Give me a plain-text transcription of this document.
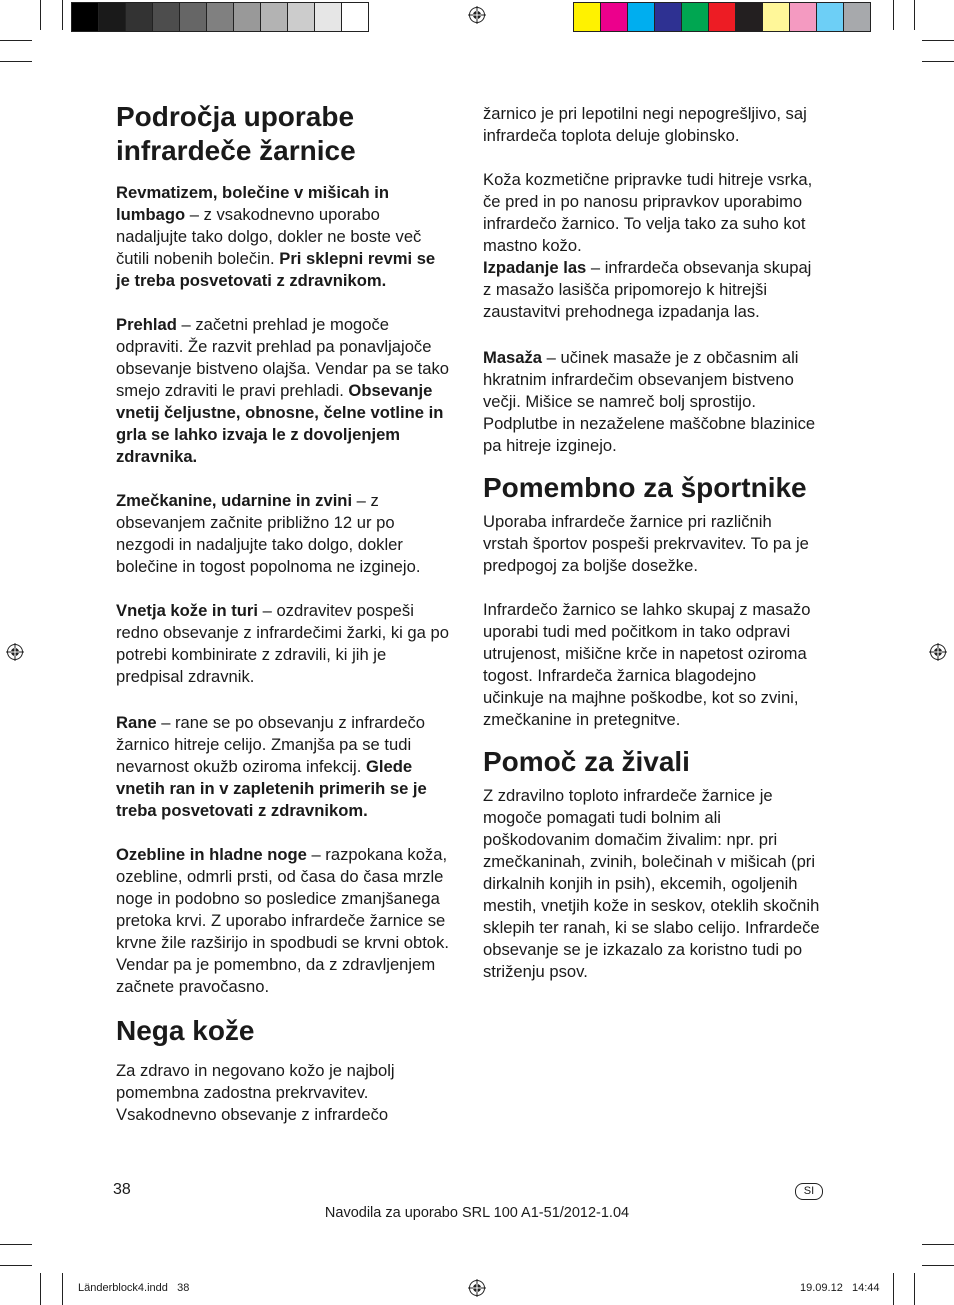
Področja uporabe
infrardeče žarnice

Revmatizem, bolečine v mišicah in lumbago – z vsakodnevno uporabo nadaljujte tako dolgo, dokler ne boste več čutili nobenih bolečin. Pri sklepni revmi se je treba posvetovati z zdravnikom.

Prehlad – začetni prehlad je mogoče odpraviti. Že razvit prehlad pa ponavljajoče obsevanje bistveno olajša. Vendar pa se tako smejo zdraviti le pravi prehladi. Obsevanje vnetij čeljustne, obnosne, čelne votline in grla se lahko izvaja le z dovoljenjem zdravnika.

Zmečkanine, udarnine in zvini – z obsevanjem začnite približno 12 ur po nezgodi in nadaljujte tako dolgo, dokler bolečine in togost popolnoma ne izginejo.

Vnetja kože in turi – ozdravitev pospeši redno obsevanje z infrardečimi žarki, ki ga po potrebi kombinirate z zdravili, ki jih je predpisal zdravnik.

Rane – rane se po obsevanju z infrardečo žarnico hitreje celijo. Zmanjša pa se tudi nevarnost okužb oziroma infekcij. Glede vnetih ran in v zapletenih primerih se je treba posvetovati z zdravnikom.

Ozebline in hladne noge – razpokana koža, ozebline, odmrli prsti, od časa do časa mrzle noge in podobno so posledice zmanjšanega pretoka krvi. Z uporabo infrardeče žarnice se krvne žile razširijo in spodbudi se krvni obtok. Vendar pa je pomembno, da z zdravljenjem začnete pravočasno.

Nega kože

Za zdravo in negovano kožo je najbolj pomembna zadostna prekrvavitev. Vsakodnevno obsevanje z infrardečo

žarnico je pri lepotilni negi nepogrešljivo, saj infrardeča toplota deluje globinsko.

Koža kozmetične pripravke tudi hitreje vsrka, če pred in po nanosu pripravkov uporabimo infrardečo žarnico. To velja tako za suho kot mastno kožo.

Izpadanje las – infrardeča obsevanja skupaj z masažo lasišča pripomorejo k hitrejši zaustavitvi prehodnega izpadanja las.

Masaža – učinek masaže je z občasnim ali hkratnim infrardečim obsevanjem bistveno večji. Mišice se namreč bolj sprostijo. Podplutbe in nezaželene maščobne blazinice pa hitreje izginejo.

Pomembno za športnike

Uporaba infrardeče žarnice pri različnih vrstah športov pospeši prekrvavitev. To pa je predpogoj za boljše dosežke.

Infrardečo žarnico se lahko skupaj z masažo uporabi tudi med počitkom in tako odpravi utrujenost, mišične krče in napetost oziroma togost. Infrardeča žarnica blagodejno učinkuje na majhne poškodbe, kot so zvini, zmečkanine in pretegnitve.

Pomoč za živali

Z zdravilno toploto infrardeče žarnice je mogoče pomagati tudi bolnim ali poškodovanim domačim živalim: npr. pri zmečkaninah, zvinih, bolečinah v mišicah (pri dirkalnih konjih in psih), ekcemih, ogoljenih mestih, vnetjih kože in seskov, oteklih skočnih sklepih ter ranah, ki se slabo celijo. Infrardeče obsevanje se je izkazalo za koristno tudi po striženju psov.

38	SI
Navodila za uporabo SRL 100 A1-51/2012-1.04
Länderblock4.indd   38	19.09.12   14:44
